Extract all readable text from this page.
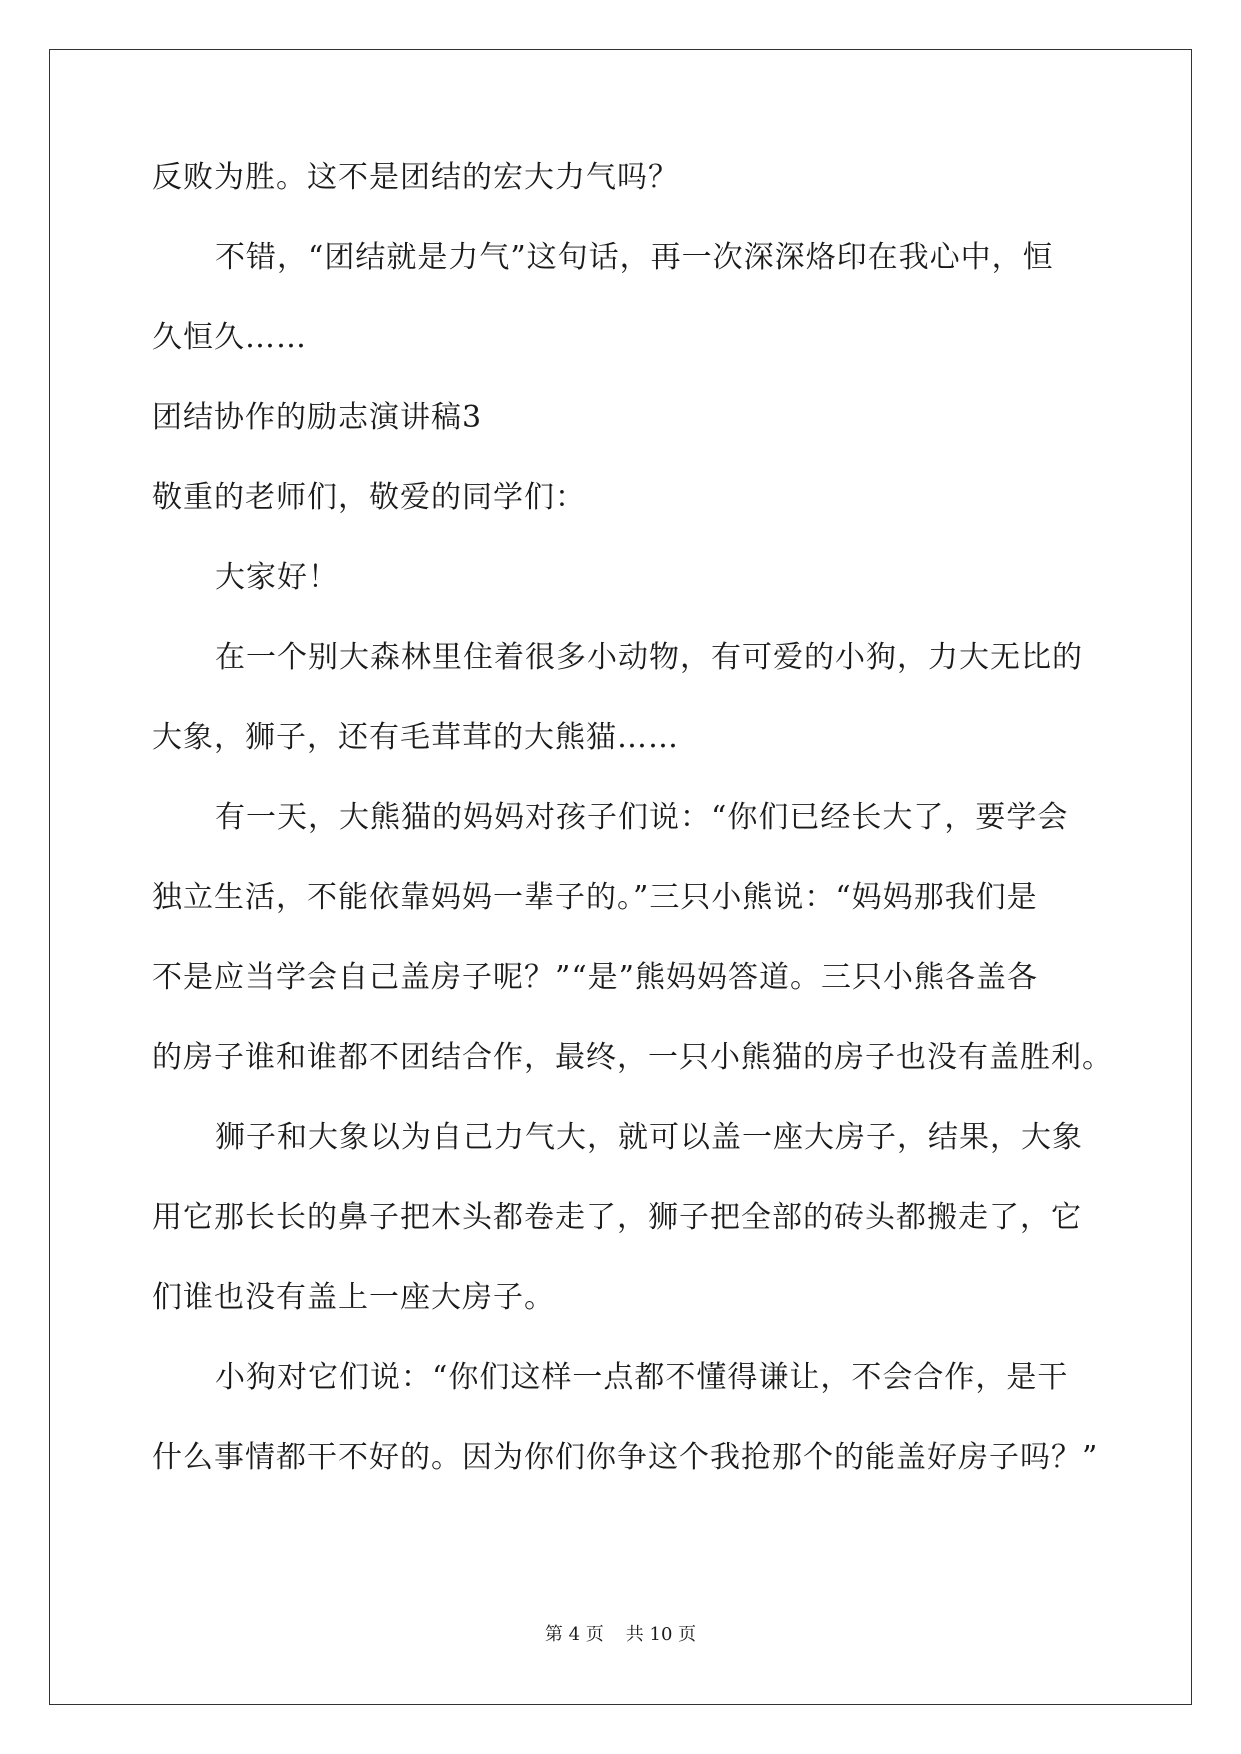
反败为胜。这不是团结的宏大力气吗？
不错，“团结就是力气”这句话，再一次深深烙印在我心中，恒
久恒久……
团结协作的励志演讲稿3
敬重的老师们，敬爱的同学们：
大家好！
在一个别大森林里住着很多小动物，有可爱的小狗，力大无比的
大象，狮子，还有毛茸茸的大熊猫……
有一天，大熊猫的妈妈对孩子们说：“你们已经长大了，要学会
独立生活，不能依靠妈妈一辈子的。”三只小熊说：“妈妈那我们是
不是应当学会自己盖房子呢？”“是”熊妈妈答道。三只小熊各盖各
的房子谁和谁都不团结合作，最终，一只小熊猫的房子也没有盖胜利。
狮子和大象以为自己力气大，就可以盖一座大房子，结果，大象
用它那长长的鼻子把木头都卷走了，狮子把全部的砖头都搬走了，它
们谁也没有盖上一座大房子。
小狗对它们说：“你们这样一点都不懂得谦让，不会合作，是干
什么事情都干不好的。因为你们你争这个我抢那个的能盖好房子吗？”
第 4 页 共 10 页
